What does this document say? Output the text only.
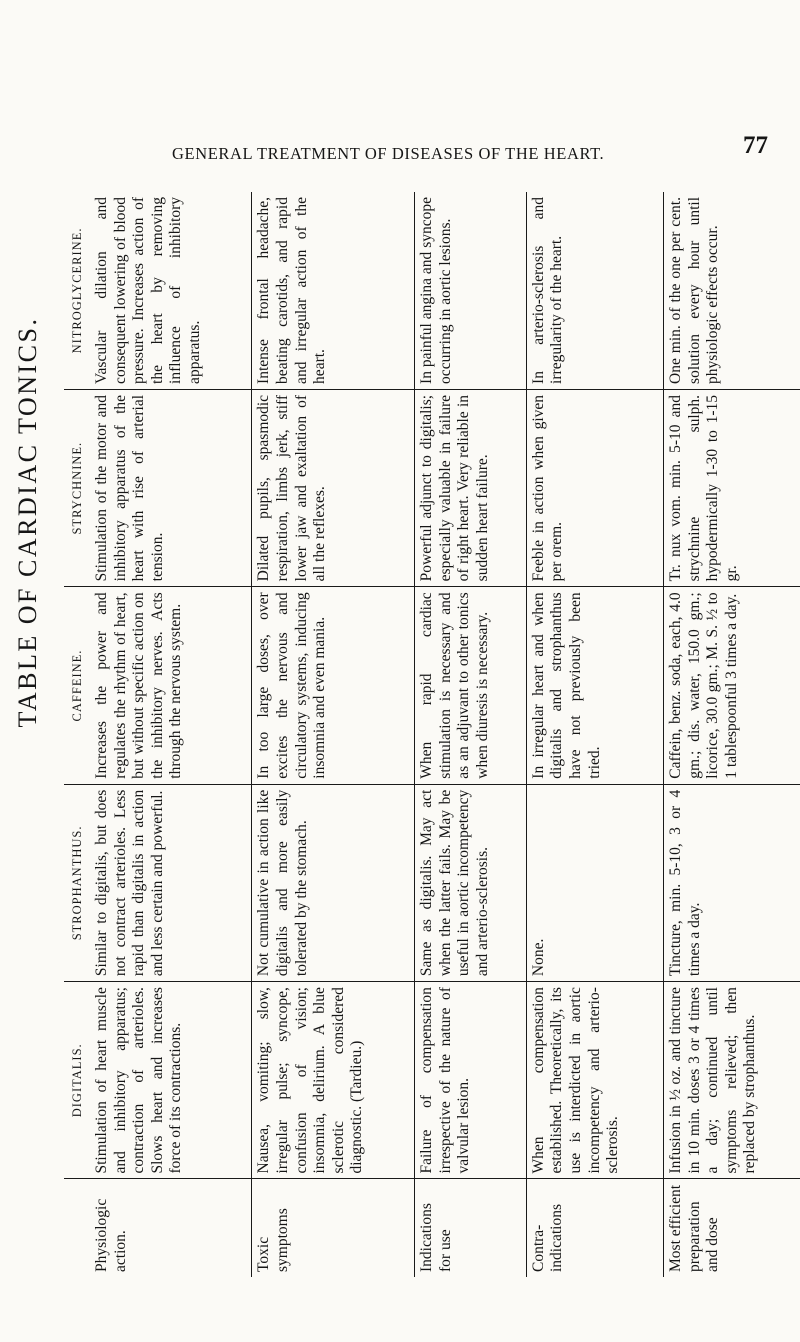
GENERAL TREATMENT OF DISEASES OF THE HEART.	77
TABLE OF CARDIAC TONICS.
	DIGITALIS.	STROPHANTHUS.	CAFFEINE.	STRYCHNINE.	NITROGLYCERINE.
Physiologic action.	Stimulation of heart muscle and inhibitory apparatus; contraction of arterioles. Slows heart and increases force of its contractions.	Similar to digitalis, but does not contract arterioles. Less rapid than digitalis in action and less certain and powerful.	Increases the power and regulates the rhythm of heart, but without specific action on the inhibitory nerves. Acts through the nervous system.	Stimulation of the motor and inhibitory apparatus of the heart with rise of arterial tension.	Vascular dilation and consequent lowering of blood pressure. Increases action of the heart by removing influence of inhibitory apparatus.
Toxic symptoms	Nausea, vomiting; slow, irregular pulse; syncope, confusion of vision; insomnia, delirium. A blue sclerotic considered diagnostic. (Tardieu.)	Not cumulative in action like digitalis and more easily tolerated by the stomach.	In too large doses, over excites the nervous and circulatory systems, inducing insomnia and even mania.	Dilated pupils, spasmodic respiration, limbs jerk, stiff lower jaw and exaltation of all the reflexes.	Intense frontal headache, beating carotids, and rapid and irregular action of the heart.
Indications for use	Failure of compensation irrespective of the nature of valvular lesion.	Same as digitalis. May act when the latter fails. May be useful in aortic incompetency and arterio-sclerosis.	When rapid cardiac stimulation is necessary and as an adjuvant to other tonics when diuresis is necessary.	Powerful adjunct to digitalis; especially valuable in failure of right heart. Very reliable in sudden heart failure.	In painful angina and syncope occurring in aortic lesions.
Contra-indications	When compensation established. Theoretically, its use is interdicted in aortic incompetency and arterio-sclerosis.	None.	In irregular heart and when digitalis and strophanthus have not previously been tried.	Feeble in action when given per orem.	In arterio-sclerosis and irregularity of the heart.
Most efficient preparation and dose	Infusion in ½ oz. and tincture in 10 min. doses 3 or 4 times a day; continued until symptoms relieved; then replaced by strophanthus.	Tincture, min. 5-10, 3 or 4 times a day.	Caffein, benz. soda, each, 4.0 gm.; dis. water, 150.0 gm.; licorice, 30.0 gm.; M. S. ½ to 1 tablespoonful 3 times a day.	Tr. nux vom. min. 5-10 and strychnine sulph. hypodermically 1-30 to 1-15 gr.	One min. of the one per cent. solution every hour until physiologic effects occur.
